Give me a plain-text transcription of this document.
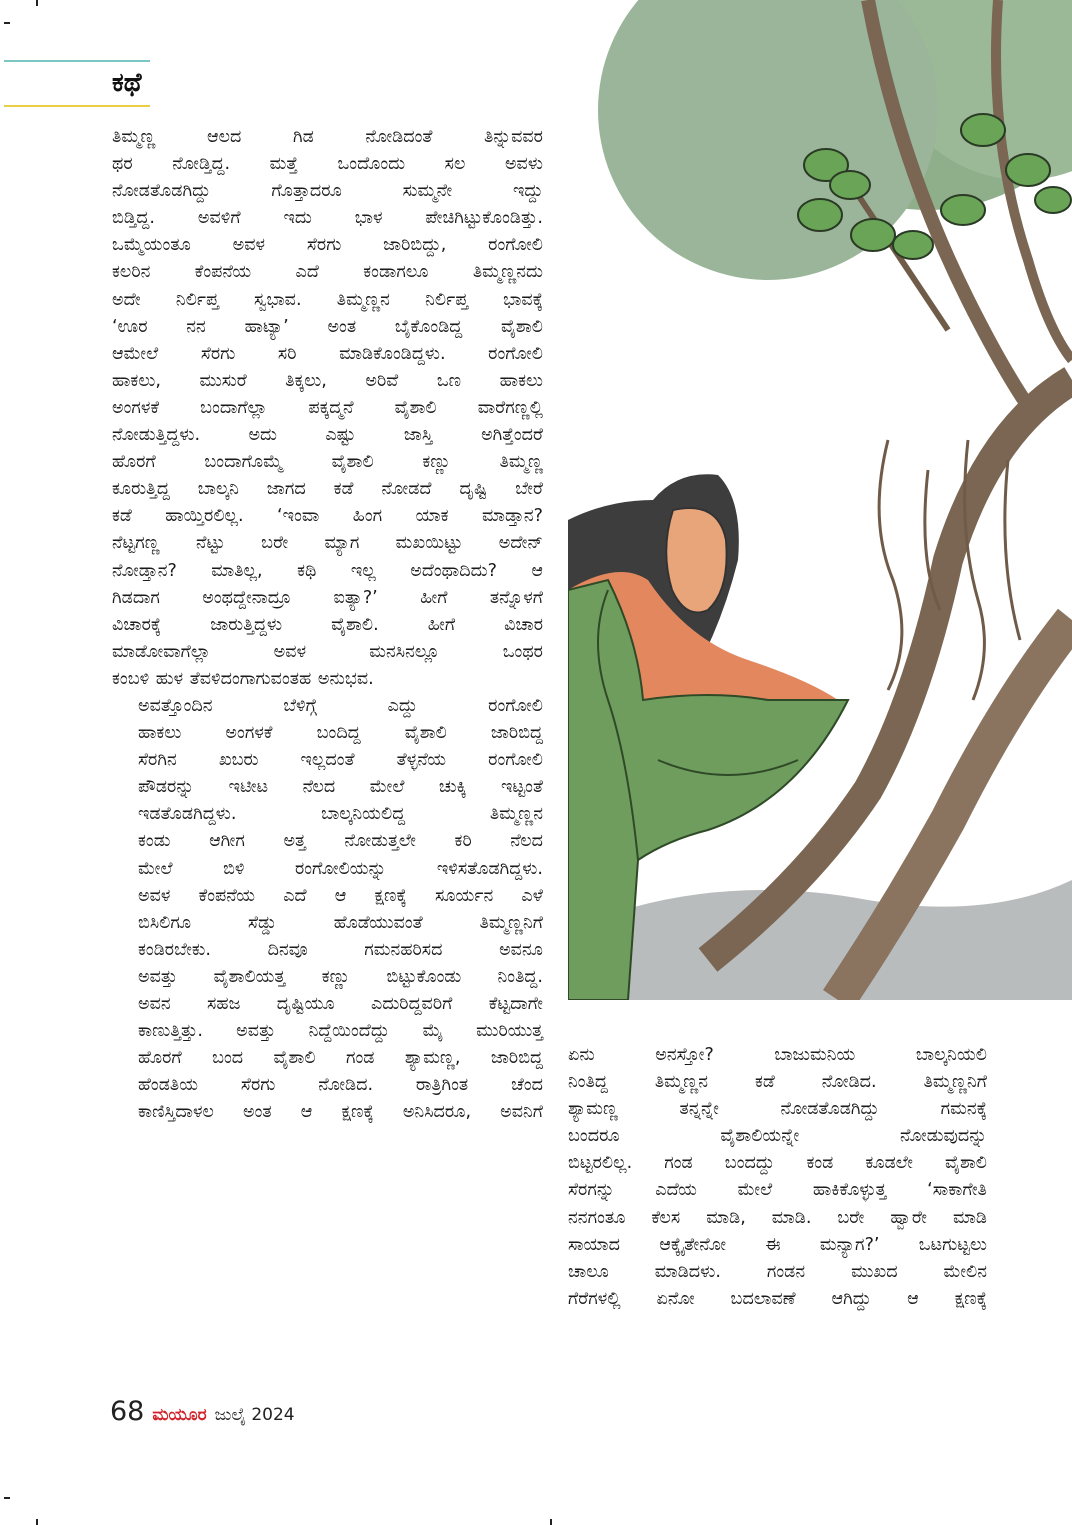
ಕಥೆ

ತಿಮ್ಮಣ್ಣ ಆಲದ ಗಿಡ ನೋಡಿದಂತೆ ತಿನ್ನುವವರ
ಥರ ನೋಡ್ತಿದ್ದ. ಮತ್ತೆ ಒಂದೊಂದು ಸಲ ಅವಳು
ನೋಡತೊಡಗಿದ್ದು ಗೊತ್ತಾದರೂ ಸುಮ್ಮನೇ ಇದ್ದು
ಬಿಡ್ತಿದ್ದ. ಅವಳಿಗೆ ಇದು ಭಾಳ ಪೇಚಿಗಿಟ್ಟುಕೊಂಡಿತ್ತು.
ಒಮ್ಮೆಯಂತೂ ಅವಳ ಸೆರಗು ಜಾರಿಬಿದ್ದು, ರಂಗೋಲಿ
ಕಲರಿನ ಕೆಂಪನೆಯ ಎದೆ ಕಂಡಾಗಲೂ ತಿಮ್ಮಣ್ಣನದು
ಅದೇ ನಿರ್ಲಿಪ್ತ ಸ್ವಭಾವ. ತಿಮ್ಮಣ್ಣನ ನಿರ್ಲಿಪ್ತ ಭಾವಕ್ಕೆ
‘ಊರ ನನ ಹಾಟ್ಯಾ’ ಅಂತ ಬೈಕೊಂಡಿದ್ದ ವೈಶಾಲಿ
ಆಮೇಲೆ ಸೆರಗು ಸರಿ ಮಾಡಿಕೊಂಡಿದ್ದಳು. ರಂಗೋಲಿ
ಹಾಕಲು, ಮುಸುರೆ ತಿಕ್ಕಲು, ಅರಿವೆ ಒಣ ಹಾಕಲು
ಅಂಗಳಕೆ ಬಂದಾಗೆಲ್ಲಾ ಪಕ್ಕದ್ಮನೆ ವೈಶಾಲಿ ವಾರೆಗಣ್ಣಲ್ಲಿ
ನೋಡುತ್ತಿದ್ದಳು. ಅದು ಎಷ್ಟು ಜಾಸ್ತಿ ಅಗಿತ್ತೆಂದರೆ
ಹೊರಗೆ ಬಂದಾಗೊಮ್ಮೆ ವೈಶಾಲಿ ಕಣ್ಣು ತಿಮ್ಮಣ್ಣ
ಕೂರುತ್ತಿದ್ದ ಬಾಲ್ಕನಿ ಜಾಗದ ಕಡೆ ನೋಡದೆ ದೃಷ್ಟಿ ಬೇರೆ
ಕಡೆ ಹಾಯ್ತಿರಲಿಲ್ಲ. ‘ಇಂವಾ ಹಿಂಗ ಯಾಕ ಮಾಡ್ತಾನ?
ನೆಟ್ಟಗಣ್ಣ ನೆಟ್ಟು ಬರೇ ಮ್ಯಾಗ ಮಖಯಿಟ್ಟು ಅದೇನ್
ನೋಡ್ತಾನ? ಮಾತಿಲ್ಲ, ಕಥಿ ಇಲ್ಲ ಅದೆಂಥಾದಿದು? ಆ
ಗಿಡದಾಗ ಅಂಥದ್ದೇನಾದ್ರೂ ಐತ್ಯಾ?’ ಹೀಗೆ ತನ್ನೊಳಗೆ
ವಿಚಾರಕ್ಕೆ ಜಾರುತ್ತಿದ್ದಳು ವೈಶಾಲಿ. ಹೀಗೆ ವಿಚಾರ
ಮಾಡೋವಾಗೆಲ್ಲಾ ಅವಳ ಮನಸಿನಲ್ಲೂ ಒಂಥರ
ಕಂಬಳಿ ಹುಳ ತೆವಳಿದಂಗಾಗುವಂತಹ ಅನುಭವ.

ಅವತ್ತೊಂದಿನ ಬೆಳಿಗ್ಗೆ ಎದ್ದು ರಂಗೋಲಿ
ಹಾಕಲು ಅಂಗಳಕೆ ಬಂದಿದ್ದ ವೈಶಾಲಿ ಜಾರಿಬಿದ್ದ
ಸೆರಗಿನ ಖಬರು ಇಲ್ಲದಂತೆ ತೆಳ್ಳನೆಯ ರಂಗೋಲಿ
ಪೌಡರನ್ನು ಇಟೀಟ ನೆಲದ ಮೇಲೆ ಚುಕ್ಕಿ ಇಟ್ಟಂತೆ
ಇಡತೊಡಗಿದ್ದಳು. ಬಾಲ್ಕನಿಯಲಿದ್ದ ತಿಮ್ಮಣ್ಣನ
ಕಂಡು ಆಗೀಗ ಅತ್ತ ನೋಡುತ್ತಲೇ ಕರಿ ನೆಲದ
ಮೇಲೆ ಬಿಳಿ ರಂಗೋಲಿಯನ್ನು ಇಳಿಸತೊಡಗಿದ್ದಳು.
ಅವಳ ಕೆಂಪನೆಯ ಎದೆ ಆ ಕ್ಷಣಕ್ಕೆ ಸೂರ್ಯನ ಎಳೆ
ಬಿಸಿಲಿಗೂ ಸೆಡ್ಡು ಹೊಡೆಯುವಂತೆ ತಿಮ್ಮಣ್ಣನಿಗೆ
ಕಂಡಿರಬೇಕು. ದಿನವೂ ಗಮನಹರಿಸದ ಅವನೂ
ಅವತ್ತು ವೈಶಾಲಿಯತ್ತ ಕಣ್ಣು ಬಿಟ್ಟುಕೊಂಡು ನಿಂತಿದ್ದ.
ಅವನ ಸಹಜ ದೃಷ್ಟಿಯೂ ಎದುರಿದ್ದವರಿಗೆ ಕೆಟ್ಟದಾಗೇ
ಕಾಣುತ್ತಿತ್ತು. ಅವತ್ತು ನಿದ್ದೆಯಿಂದೆದ್ದು ಮೈ ಮುರಿಯುತ್ತ
ಹೊರಗೆ ಬಂದ ವೈಶಾಲಿ ಗಂಡ ಶ್ಯಾಮಣ್ಣ, ಜಾರಿಬಿದ್ದ
ಹೆಂಡತಿಯ ಸೆರಗು ನೋಡಿದ. ರಾತ್ರಿಗಿಂತ ಚೆಂದ
ಕಾಣಿಸ್ತಿದಾಳಲ ಅಂತ ಆ ಕ್ಷಣಕ್ಕೆ ಅನಿಸಿದರೂ, ಅವನಿಗೆ

ಏನು ಅನಸ್ತೋ? ಬಾಜುಮನಿಯ ಬಾಲ್ಕನಿಯಲಿ
ನಿಂತಿದ್ದ ತಿಮ್ಮಣ್ಣನ ಕಡೆ ನೋಡಿದ. ತಿಮ್ಮಣ್ಣನಿಗೆ
ಶ್ಯಾಮಣ್ಣ ತನ್ನನ್ನೇ ನೋಡತೊಡಗಿದ್ದು ಗಮನಕ್ಕೆ
ಬಂದರೂ ವೈಶಾಲಿಯನ್ನೇ ನೋಡುವುದನ್ನು
ಬಿಟ್ಟರಲಿಲ್ಲ. ಗಂಡ ಬಂದದ್ದು ಕಂಡ ಕೂಡಲೇ ವೈಶಾಲಿ
ಸೆರಗನ್ನು ಎದೆಯ ಮೇಲೆ ಹಾಕಿಕೊಳ್ಳುತ್ತ ‘ಸಾಕಾಗೇತಿ
ನನಗಂತೂ ಕೆಲಸ ಮಾಡಿ, ಮಾಡಿ. ಬರೇ ಹ್ವಾರೇ ಮಾಡಿ
ಸಾಯಾದ ಆಕ್ಕೈತೇನೋ ಈ ಮನ್ಯಾಗ?’ ಒಟಗುಟ್ಟಲು
ಚಾಲೂ ಮಾಡಿದಳು. ಗಂಡನ ಮುಖದ ಮೇಲಿನ
ಗೆರೆಗಳಲ್ಲಿ ಏನೋ ಬದಲಾವಣೆ ಆಗಿದ್ದು ಆ ಕ್ಷಣಕ್ಕೆ

68 ಮಯೂರ ಜುಲೈ 2024
